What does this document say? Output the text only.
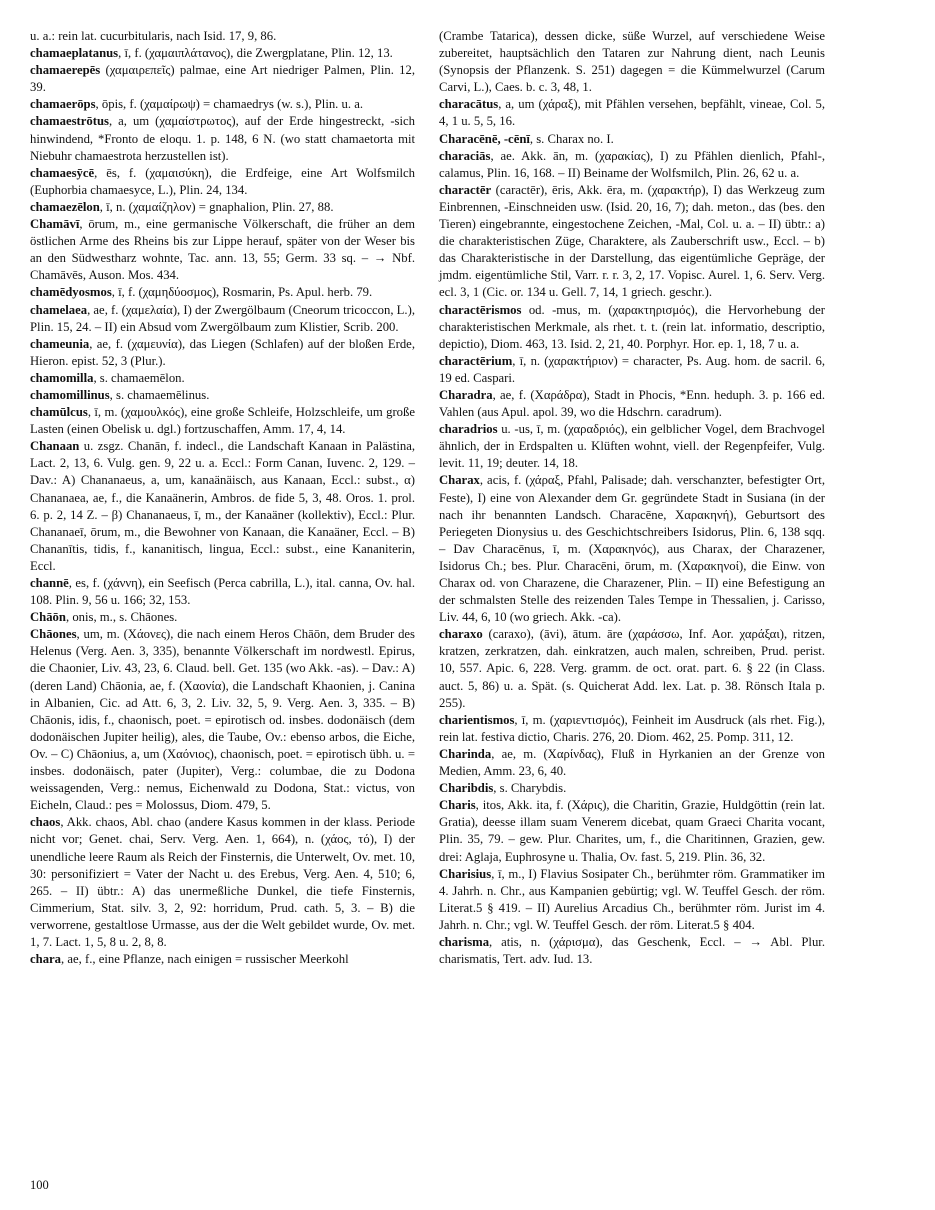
u. a.: rein lat. cucurbitularis, nach Isid. 17, 9, 86.

chamaeplatanus, ī, f. (χαμαιπλάτανος), die Zwergplatane, Plin. 12, 13.

chamaerepēs (χαμαιρεπεῖς) palmae, eine Art niedriger Palmen, Plin. 12, 39.

chamaerōps, ōpis, f. (χαμαίρωψ) = chamaedrys (w. s.), Plin. u. a.

chamaestrōtus, a, um (χαμαίστρωτος), auf der Erde hingestreckt, -sich hinwindend, *Fronto de eloqu. 1. p. 148, 6 N. (wo statt chamaetorta mit Niebuhr chamaestrota herzustellen ist).

chamaesȳcē, ēs, f. (χαμαισύκη), die Erdfeige, eine Art Wolfsmilch (Euphorbia chamaesyce, L.), Plin. 24, 134.

chamaezēlon, ī, n. (χαμαίζηλον) = gnaphalion, Plin. 27, 88.

Chamāvī, ōrum, m., eine germanische Völkerschaft, die früher an dem östlichen Arme des Rheins bis zur Lippe herauf, später von der Weser bis an den Südwestharz wohnte, Tac. ann. 13, 55; Germ. 33 sq. – → Nbf. Chamāvēs, Auson. Mos. 434.

chamēdyosmos, ī, f. (χαμηδύοσμος), Rosmarin, Ps. Apul. herb. 79.

chamelaea, ae, f. (χαμελαία), I) der Zwergölbaum (Cneorum tricoccon, L.), Plin. 15, 24. – II) ein Absud vom Zwergölbaum zum Klistier, Scrib. 200.

chameunia, ae, f. (χαμευνία), das Liegen (Schlafen) auf der bloßen Erde, Hieron. epist. 52, 3 (Plur.).

chamomilla, s. chamaemēlon.

chamomillinus, s. chamaemēlinus.

chamūlcus, ī, m. (χαμουλκός), eine große Schleife, Holzschleife, um große Lasten (einen Obelisk u. dgl.) fortzuschaffen, Amm. 17, 4, 14.

Chanaan u. zsgz. Chanān, f. indecl., die Landschaft Kanaan in Palästina, Lact. 2, 13, 6. Vulg. gen. 9, 22 u. a. Eccl.: Form Canan, Iuvenc. 2, 129. – Dav.: A) Chananaeus, a, um, kanaänäisch, aus Kanaan, Eccl.: subst., α) Chananaea, ae, f., die Kanaänerin, Ambros. de fide 5, 3, 48. Oros. 1. prol. 6. p. 2, 14 Z. – β) Chananaeus, ī, m., der Kanaäner (kollektiv), Eccl.: Plur. Chananaeī, ōrum, m., die Bewohner von Kanaan, die Kanaäner, Eccl. – B) Chananītis, tidis, f., kananitisch, lingua, Eccl.: subst., eine Kananiterin, Eccl.

channē, es, f. (χάννη), ein Seefisch (Perca cabrilla, L.), ital. canna, Ov. hal. 108. Plin. 9, 56 u. 166; 32, 153.

Chāōn, onis, m., s. Chāones.

Chāones, um, m. (Χάονες), die nach einem Heros Chāōn, dem Bruder des Helenus (Verg. Aen. 3, 335), benannte Völkerschaft im nordwestl. Epirus, die Chaonier, Liv. 43, 23, 6. Claud. bell. Get. 135 (wo Akk. -as). – Dav.: A) (deren Land) Chāonia, ae, f. (Χαονία), die Landschaft Khaonien, j. Canina in Albanien, Cic. ad Att. 6, 3, 2. Liv. 32, 5, 9. Verg. Aen. 3, 335. – B) Chāonis, idis, f., chaonisch, poet. = epirotisch od. insbes. dodonäisch (dem dodonäischen Jupiter heilig), ales, die Taube, Ov.: ebenso arbos, die Eiche, Ov. – C) Chāonius, a, um (Χαόνιος), chaonisch, poet. = epirotisch übh. u. = insbes. dodonäisch, pater (Jupiter), Verg.: columbae, die zu Dodona weissagenden, Verg.: nemus, Eichenwald zu Dodona, Stat.: victus, von Eicheln, Claud.: pes = Molossus, Diom. 479, 5.

chaos, Akk. chaos, Abl. chao (andere Kasus kommen in der klass. Periode nicht vor; Genet. chai, Serv. Verg. Aen. 1, 664), n. (χάος, τό), I) der unendliche leere Raum als Reich der Finsternis, die Unterwelt, Ov. met. 10, 30: personifiziert = Vater der Nacht u. des Erebus, Verg. Aen. 4, 510; 6, 265. – II) übtr.: A) das unermeßliche Dunkel, die tiefe Finsternis, Cimmerium, Stat. silv. 3, 2, 92: horridum, Prud. cath. 5, 3. – B) die verworrene, gestaltlose Urmasse, aus der die Welt gebildet wurde, Ov. met. 1, 7. Lact. 1, 5, 8 u. 2, 8, 8.

chara, ae, f., eine Pflanze, nach einigen = russischer Meerkohl

(Crambe Tatarica), dessen dicke, süße Wurzel, auf verschiedene Weise zubereitet, hauptsächlich den Tataren zur Nahrung dient, nach Leunis (Synopsis der Pflanzenk. S. 251) dagegen = die Kümmelwurzel (Carum Carvi, L.), Caes. b. c. 3, 48, 1.

characātus, a, um (χάραξ), mit Pfählen versehen, bepfählt, vineae, Col. 5, 4, 1 u. 5, 5, 16.

Characēnē, -cēnī, s. Charax no. I.

characiās, ae. Akk. ān, m. (χαρακίας), I) zu Pfählen dienlich, Pfahl-, calamus, Plin. 16, 168. – II) Beiname der Wolfsmilch, Plin. 26, 62 u. a.

charactēr (caractēr), ēris, Akk. ēra, m. (χαρακτήρ), I) das Werkzeug zum Einbrennen, -Einschneiden usw. (Isid. 20, 16, 7); dah. meton., das (bes. den Tieren) eingebrannte, eingestochene Zeichen, -Mal, Col. u. a. – II) übtr.: a) die charakteristischen Züge, Charaktere, als Zauberschrift usw., Eccl. – b) das Charakteristische in der Darstellung, das eigentümliche Gepräge, der jmdm. eigentümliche Stil, Varr. r. r. 3, 2, 17. Vopisc. Aurel. 1, 6. Serv. Verg. ecl. 3, 1 (Cic. or. 134 u. Gell. 7, 14, 1 griech. geschr.).

charactērismos od. -mus, m. (χαρακτηρισμός), die Hervorhebung der charakteristischen Merkmale, als rhet. t. t. (rein lat. informatio, descriptio, depictio), Diom. 463, 13. Isid. 2, 21, 40. Porphyr. Hor. ep. 1, 18, 7 u. a.

charactērium, ī, n. (χαρακτήριον) = character, Ps. Aug. hom. de sacril. 6, 19 ed. Caspari.

Charadra, ae, f. (Χαράδρα), Stadt in Phocis, *Enn. heduph. 3. p. 166 ed. Vahlen (aus Apul. apol. 39, wo die Hdschrn. caradrum).

charadrios u. -us, ī, m. (χαραδριός), ein gelblicher Vogel, dem Brachvogel ähnlich, der in Erdspalten u. Klüften wohnt, viell. der Regenpfeifer, Vulg. levit. 11, 19; deuter. 14, 18.

Charax, acis, f. (χάραξ, Pfahl, Palisade; dah. verschanzter, befestigter Ort, Feste), I) eine von Alexander dem Gr. gegründete Stadt in Susiana (in der nach ihr benannten Landsch. Characēne, Χαρακηνή), Geburtsort des Periegeten Dionysius u. des Geschichtschreibers Isidorus, Plin. 6, 138 sqq. – Dav Characēnus, ī, m. (Χαρακηνός), aus Charax, der Charazener, Isidorus Ch.; bes. Plur. Characēni, ōrum, m. (Χαρακηνοί), die Einw. von Charax od. von Charazene, die Charazener, Plin. – II) eine Befestigung an der schmalsten Stelle des reizenden Tales Tempe in Thessalien, j. Carisso, Liv. 44, 6, 10 (wo griech. Akk. -ca).

charaxo (caraxo), (āvi), ātum. āre (χαράσσω, Inf. Aor. χαράξαι), ritzen, kratzen, zerkratzen, dah. einkratzen, auch malen, schreiben, Prud. perist. 10, 557. Apic. 6, 228. Verg. gramm. de oct. orat. part. 6. § 22 (in Class. auct. 5, 86) u. a. Spät. (s. Quicherat Add. lex. Lat. p. 38. Rönsch Itala p. 255).

charientismos, ī, m. (χαριεντισμός), Feinheit im Ausdruck (als rhet. Fig.), rein lat. festiva dictio, Charis. 276, 20. Diom. 462, 25. Pomp. 311, 12.

Charinda, ae, m. (Χαρίνδας), Fluß in Hyrkanien an der Grenze von Medien, Amm. 23, 6, 40.

Charibdis, s. Charybdis.

Charis, itos, Akk. ita, f. (Χάρις), die Charitin, Grazie, Huldgöttin (rein lat. Gratia), deesse illam suam Venerem dicebat, quam Graeci Charita vocant, Plin. 35, 79. – gew. Plur. Charites, um, f., die Charitinnen, Grazien, gew. drei: Aglaja, Euphrosyne u. Thalia, Ov. fast. 5, 219. Plin. 36, 32.

Charisius, ī, m., I) Flavius Sosipater Ch., berühmter röm. Grammatiker im 4. Jahrh. n. Chr., aus Kampanien gebürtig; vgl. W. Teuffel Gesch. der röm. Literat.5 § 419. – II) Aurelius Arcadius Ch., berühmter röm. Jurist im 4. Jahrh. n. Chr.; vgl. W. Teuffel Gesch. der röm. Literat.5 § 404.

charisma, atis, n. (χάρισμα), das Geschenk, Eccl. – → Abl. Plur. charismatis, Tert. adv. Iud. 13.

100
